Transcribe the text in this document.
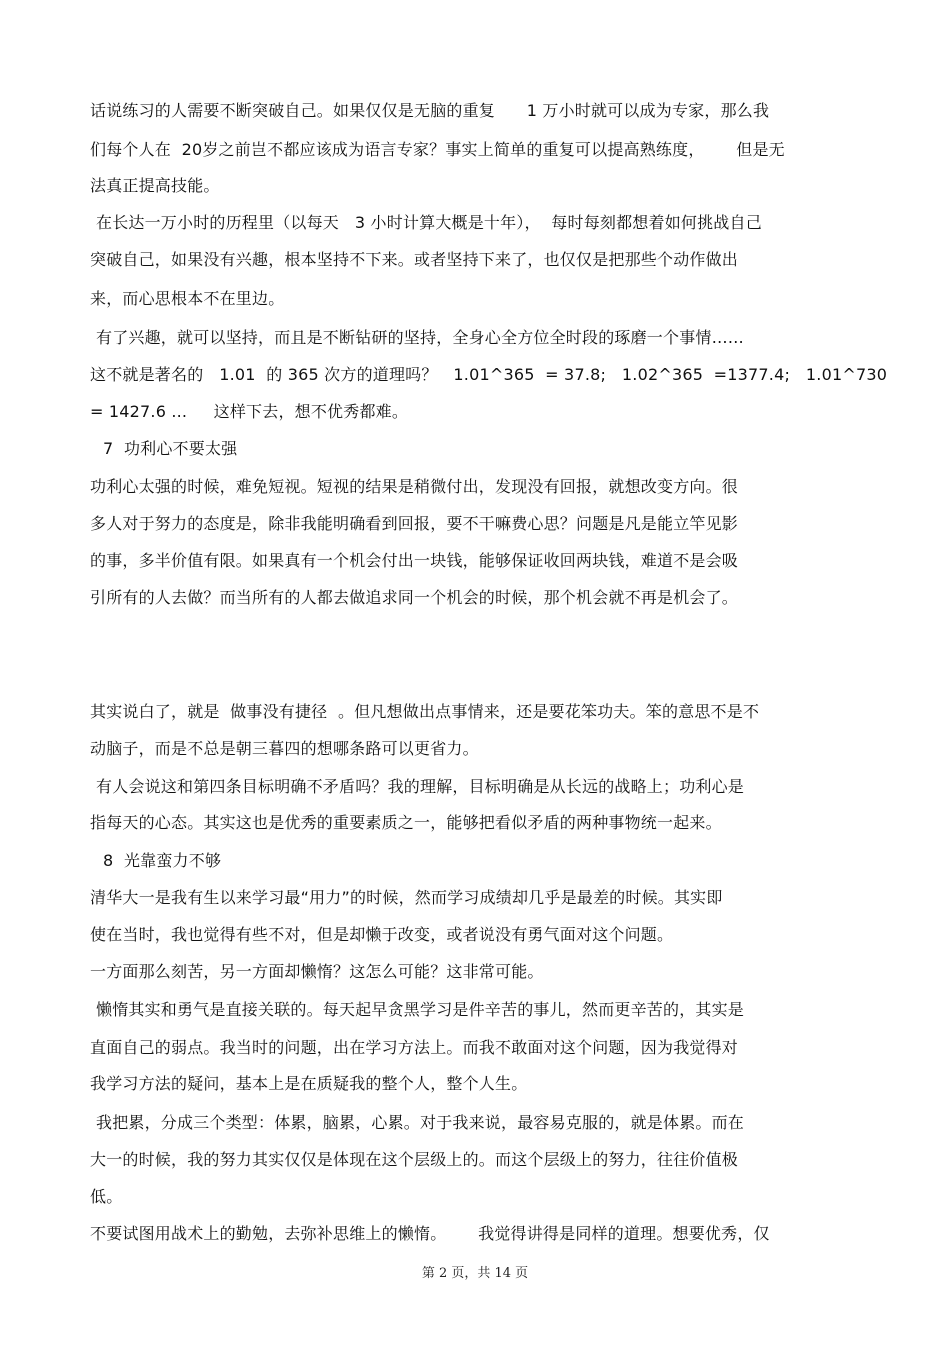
话说练习的人需要不断突破自己。如果仅仅是无脑的重复      1 万小时就可以成为专家，那么我
们每个人在  20岁之前岂不都应该成为语言专家？事实上简单的重复可以提高熟练度，      但是无
法真正提高技能。
在长达一万小时的历程里（以每天   3 小时计算大概是十年），  每时每刻都想着如何挑战自己
突破自己，如果没有兴趣，根本坚持不下来。或者坚持下来了，也仅仅是把那些个动作做出
来，而心思根本不在里边。
有了兴趣，就可以坚持，而且是不断钻研的坚持，全身心全方位全时段的琢磨一个事情……
这不就是著名的   1.01  的 365 次方的道理吗？   1.01^365  = 37.8;   1.02^365  =1377.4;   1.01^730
= 1427.6 ...     这样下去，想不优秀都难。
7  功利心不要太强
功利心太强的时候，难免短视。短视的结果是稍微付出，发现没有回报，就想改变方向。很
多人对于努力的态度是，除非我能明确看到回报，要不干嘛费心思？问题是凡是能立竿见影
的事，多半价值有限。如果真有一个机会付出一块钱，能够保证收回两块钱，难道不是会吸
引所有的人去做？而当所有的人都去做追求同一个机会的时候，那个机会就不再是机会了。
其实说白了，就是  做事没有捷径  。但凡想做出点事情来，还是要花笨功夫。笨的意思不是不
动脑子，而是不总是朝三暮四的想哪条路可以更省力。
有人会说这和第四条目标明确不矛盾吗？我的理解，目标明确是从长远的战略上；功利心是
指每天的心态。其实这也是优秀的重要素质之一，能够把看似矛盾的两种事物统一起来。
8  光靠蛮力不够
清华大一是我有生以来学习最“用力”的时候，然而学习成绩却几乎是最差的时候。其实即
使在当时，我也觉得有些不对，但是却懒于改变，或者说没有勇气面对这个问题。
一方面那么刻苦，另一方面却懒惰？这怎么可能？这非常可能。
懒惰其实和勇气是直接关联的。每天起早贪黑学习是件辛苦的事儿，然而更辛苦的，其实是
直面自己的弱点。我当时的问题，出在学习方法上。而我不敢面对这个问题，因为我觉得对
我学习方法的疑问，基本上是在质疑我的整个人，整个人生。
我把累，分成三个类型：体累，脑累，心累。对于我来说，最容易克服的，就是体累。而在
大一的时候，我的努力其实仅仅是体现在这个层级上的。而这个层级上的努力，往往价值极
低。
不要试图用战术上的勤勉，去弥补思维上的懒惰。      我觉得讲得是同样的道理。想要优秀，仅
第 2 页，共 14 页
